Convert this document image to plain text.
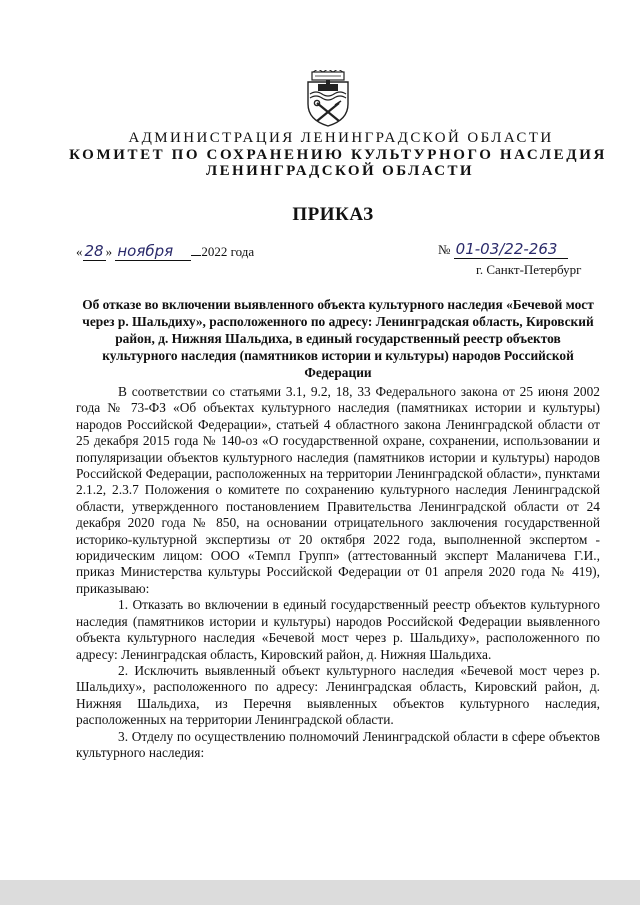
АДМИНИСТРАЦИЯ ЛЕНИНГРАДСКОЙ ОБЛАСТИ
КОМИТЕТ ПО СОХРАНЕНИЮ КУЛЬТУРНОГО НАСЛЕДИЯ
ЛЕНИНГРАДСКОЙ ОБЛАСТИ
ПРИКАЗ
« 28 » ноября 2022 года	№ 01-03/22-263
г. Санкт-Петербург
Об отказе во включении выявленного объекта культурного наследия «Бечевой мост через р. Шальдиху», расположенного по адресу: Ленинградская область, Кировский район, д. Нижняя Шальдиха, в единый государственный реестр объектов культурного наследия (памятников истории и культуры) народов Российской Федерации

В соответствии со статьями 3.1, 9.2, 18, 33 Федерального закона от 25 июня 2002 года № 73-ФЗ «Об объектах культурного наследия (памятниках истории и культуры) народов Российской Федерации», статьей 4 областного закона Ленинградской области от 25 декабря 2015 года № 140-оз «О государственной охране, сохранении, использовании и популяризации объектов культурного наследия (памятников истории и культуры) народов Российской Федерации, расположенных на территории Ленинградской области», пунктами 2.1.2, 2.3.7 Положения о комитете по сохранению культурного наследия Ленинградской области, утвержденного постановлением Правительства Ленинградской области от 24 декабря 2020 года № 850, на основании отрицательного заключения государственной историко-культурной экспертизы от 20 октября 2022 года, выполненной экспертом - юридическим лицом: ООО «Темпл Групп» (аттестованный эксперт Маланичева Г.И., приказ Министерства культуры Российской Федерации от 01 апреля 2020 года № 419), приказываю:

1. Отказать во включении в единый государственный реестр объектов культурного наследия (памятников истории и культуры) народов Российской Федерации выявленного объекта культурного наследия «Бечевой мост через р. Шальдиху», расположенного по адресу: Ленинградская область, Кировский район, д. Нижняя Шальдиха.

2. Исключить выявленный объект культурного наследия «Бечевой мост через р. Шальдиху», расположенного по адресу: Ленинградская область, Кировский район, д. Нижняя Шальдиха, из Перечня выявленных объектов культурного наследия, расположенных на территории Ленинградской области.

3. Отделу по осуществлению полномочий Ленинградской области в сфере объектов культурного наследия:
